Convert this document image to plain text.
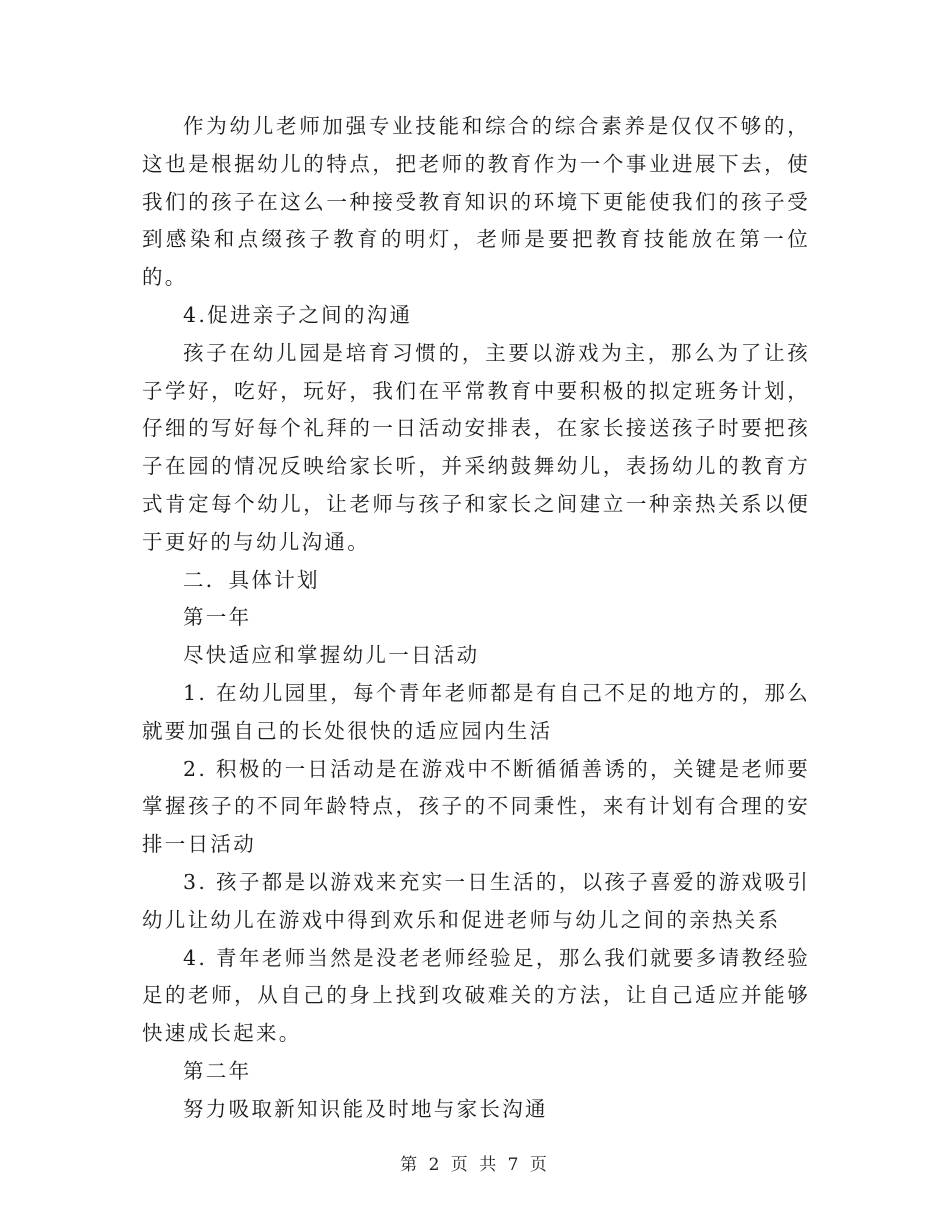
作为幼儿老师加强专业技能和综合的综合素养是仅仅不够的，这也是根据幼儿的特点，把老师的教育作为一个事业进展下去，使我们的孩子在这么一种接受教育知识的环境下更能使我们的孩子受到感染和点缀孩子教育的明灯，老师是要把教育技能放在第一位的。

4.促进亲子之间的沟通

孩子在幼儿园是培育习惯的，主要以游戏为主，那么为了让孩子学好，吃好，玩好，我们在平常教育中要积极的拟定班务计划，仔细的写好每个礼拜的一日活动安排表，在家长接送孩子时要把孩子在园的情况反映给家长听，并采纳鼓舞幼儿，表扬幼儿的教育方式肯定每个幼儿，让老师与孩子和家长之间建立一种亲热关系以便于更好的与幼儿沟通。

二．具体计划

第一年

尽快适应和掌握幼儿一日活动

1. 在幼儿园里，每个青年老师都是有自己不足的地方的，那么就要加强自己的长处很快的适应园内生活

2. 积极的一日活动是在游戏中不断循循善诱的，关键是老师要掌握孩子的不同年龄特点，孩子的不同秉性，来有计划有合理的安排一日活动

3. 孩子都是以游戏来充实一日生活的，以孩子喜爱的游戏吸引幼儿让幼儿在游戏中得到欢乐和促进老师与幼儿之间的亲热关系

4. 青年老师当然是没老老师经验足，那么我们就要多请教经验足的老师，从自己的身上找到攻破难关的方法，让自己适应并能够快速成长起来。

第二年

努力吸取新知识能及时地与家长沟通

第 2 页 共 7 页
